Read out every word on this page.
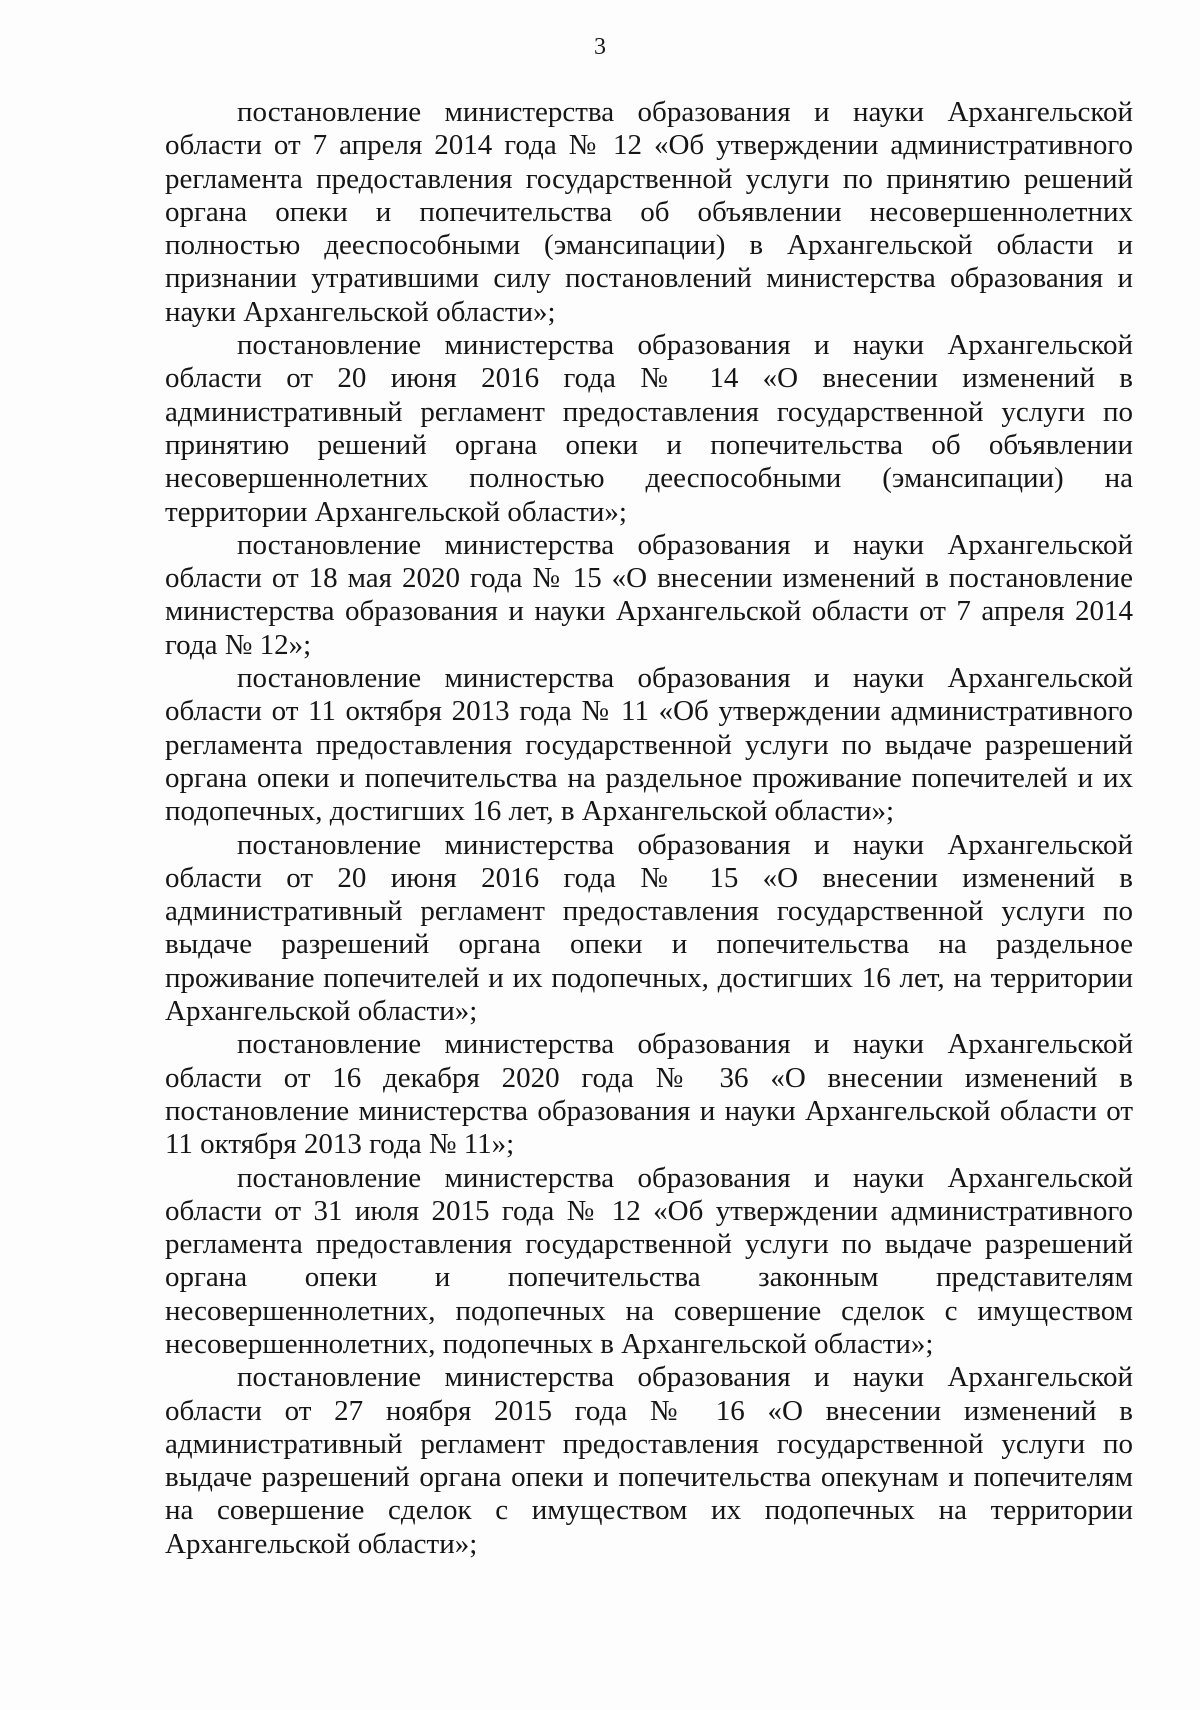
3

постановление министерства образования и науки Архангельской области от 7 апреля 2014 года № 12 «Об утверждении административного регламента предоставления государственной услуги по принятию решений органа опеки и попечительства об объявлении несовершеннолетних полностью дееспособными (эмансипации) в Архангельской области и признании утратившими силу постановлений министерства образования и науки Архангельской области»;

постановление министерства образования и науки Архангельской области от 20 июня 2016 года № 14 «О внесении изменений в административный регламент предоставления государственной услуги по принятию решений органа опеки и попечительства об объявлении несовершеннолетних полностью дееспособными (эмансипации) на территории Архангельской области»;

постановление министерства образования и науки Архангельской области от 18 мая 2020 года № 15 «О внесении изменений в постановление министерства образования и науки Архангельской области от 7 апреля 2014 года № 12»;

постановление министерства образования и науки Архангельской области от 11 октября 2013 года № 11 «Об утверждении административного регламента предоставления государственной услуги по выдаче разрешений органа опеки и попечительства на раздельное проживание попечителей и их подопечных, достигших 16 лет, в Архангельской области»;

постановление министерства образования и науки Архангельской области от 20 июня 2016 года № 15 «О внесении изменений в административный регламент предоставления государственной услуги по выдаче разрешений органа опеки и попечительства на раздельное проживание попечителей и их подопечных, достигших 16 лет, на территории Архангельской области»;

постановление министерства образования и науки Архангельской области от 16 декабря 2020 года № 36 «О внесении изменений в постановление министерства образования и науки Архангельской области от 11 октября 2013 года № 11»;

постановление министерства образования и науки Архангельской области от 31 июля 2015 года № 12 «Об утверждении административного регламента предоставления государственной услуги по выдаче разрешений органа опеки и попечительства законным представителям несовершеннолетних, подопечных на совершение сделок с имуществом несовершеннолетних, подопечных в Архангельской области»;

постановление министерства образования и науки Архангельской области от 27 ноября 2015 года № 16 «О внесении изменений в административный регламент предоставления государственной услуги по выдаче разрешений органа опеки и попечительства опекунам и попечителям на совершение сделок с имуществом их подопечных на территории Архангельской области»;
